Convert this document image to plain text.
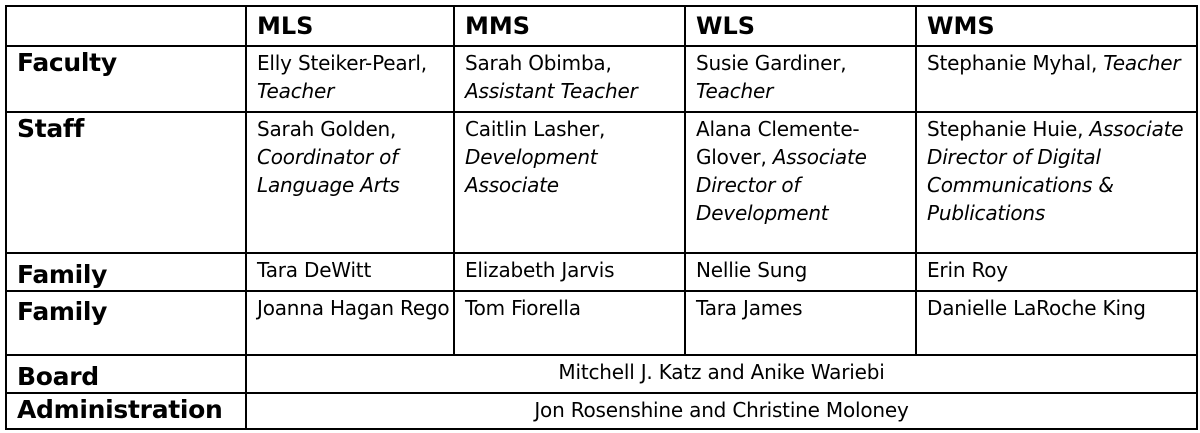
	MLS	MMS	WLS	WMS
Faculty	Elly Steiker-Pearl, Teacher	Sarah Obimba, Assistant Teacher	Susie Gardiner, Teacher	Stephanie Myhal, Teacher
Staff	Sarah Golden, Coordinator of Language Arts	Caitlin Lasher, Development Associate	Alana Clemente-Glover, Associate Director of Development	Stephanie Huie, Associate Director of Digital Communications & Publications
Family	Tara DeWitt	Elizabeth Jarvis	Nellie Sung	Erin Roy
Family	Joanna Hagan Rego	Tom Fiorella	Tara James	Danielle LaRoche King
Board	Mitchell J. Katz and Anike Wariebi			
Administration	Jon Rosenshine and Christine Moloney			
